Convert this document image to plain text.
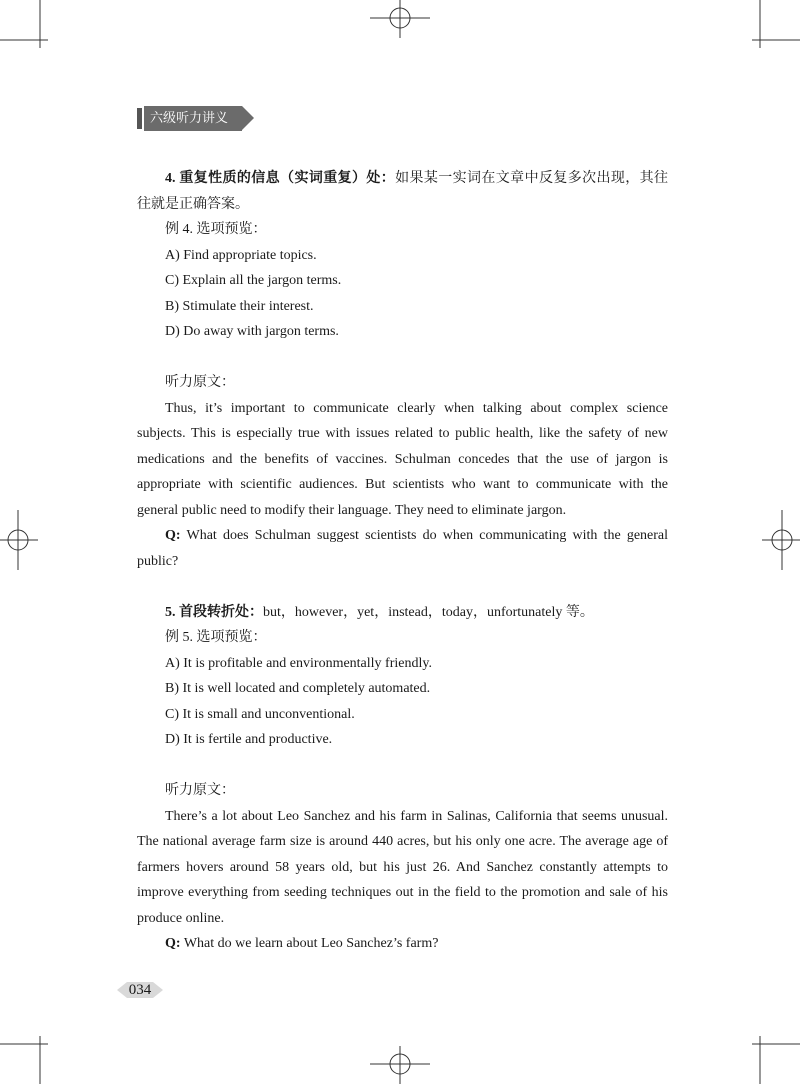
六级听力讲义

4. 重复性质的信息（实词重复）处：如果某一实词在文章中反复多次出现，其往往就是正确答案。

例 4. 选项预览：

A) Find appropriate topics.
C) Explain all the jargon terms.
B) Stimulate their interest.
D) Do away with jargon terms.

听力原文：

Thus, it’s important to communicate clearly when talking about complex science subjects. This is especially true with issues related to public health, like the safety of new medications and the benefits of vaccines. Schulman concedes that the use of jargon is appropriate with scientific audiences. But scientists who want to communicate with the general public need to modify their language. They need to eliminate jargon.

Q: What does Schulman suggest scientists do when communicating with the general public?

5. 首段转折处：but，however，yet，instead，today，unfortunately 等。

例 5. 选项预览：

A) It is profitable and environmentally friendly.

B) It is well located and completely automated.

C) It is small and unconventional.

D) It is fertile and productive.

听力原文：

There’s a lot about Leo Sanchez and his farm in Salinas, California that seems unusual. The national average farm size is around 440 acres, but his only one acre. The average age of farmers hovers around 58 years old, but his just 26. And Sanchez constantly attempts to improve everything from seeding techniques out in the field to the promotion and sale of his produce online.

Q: What do we learn about Leo Sanchez’s farm?

034
